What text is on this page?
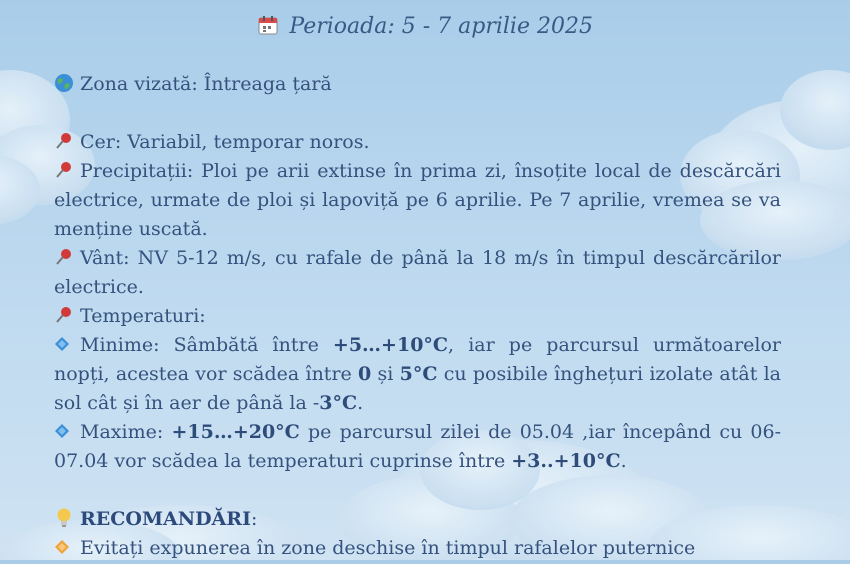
Perioada: 5 - 7 aprilie 2025

Zona vizată: Întreaga țară

Cer: Variabil, temporar noros.

Precipitații: Ploi pe arii extinse în prima zi, însoțite local de descărcări electrice, urmate de ploi și lapoviță pe 6 aprilie. Pe 7 aprilie, vremea se va menține uscată.

Vânt: NV 5-12 m/s, cu rafale de până la 18 m/s în timpul descărcărilor electrice.

Temperaturi:

Minime: Sâmbătă între +5…+10°C, iar pe parcursul următoarelor nopți, acestea vor scădea între 0 și 5°C cu posibile înghețuri izolate atât la sol cât și în aer de până la -3°C.

Maxime: +15…+20°C pe parcursul zilei de 05.04 ,iar începând cu 06-07.04 vor scădea la temperaturi cuprinse între +3..+10°C.

RECOMANDĂRI:

Evitați expunerea în zone deschise în timpul rafalelor puternice
